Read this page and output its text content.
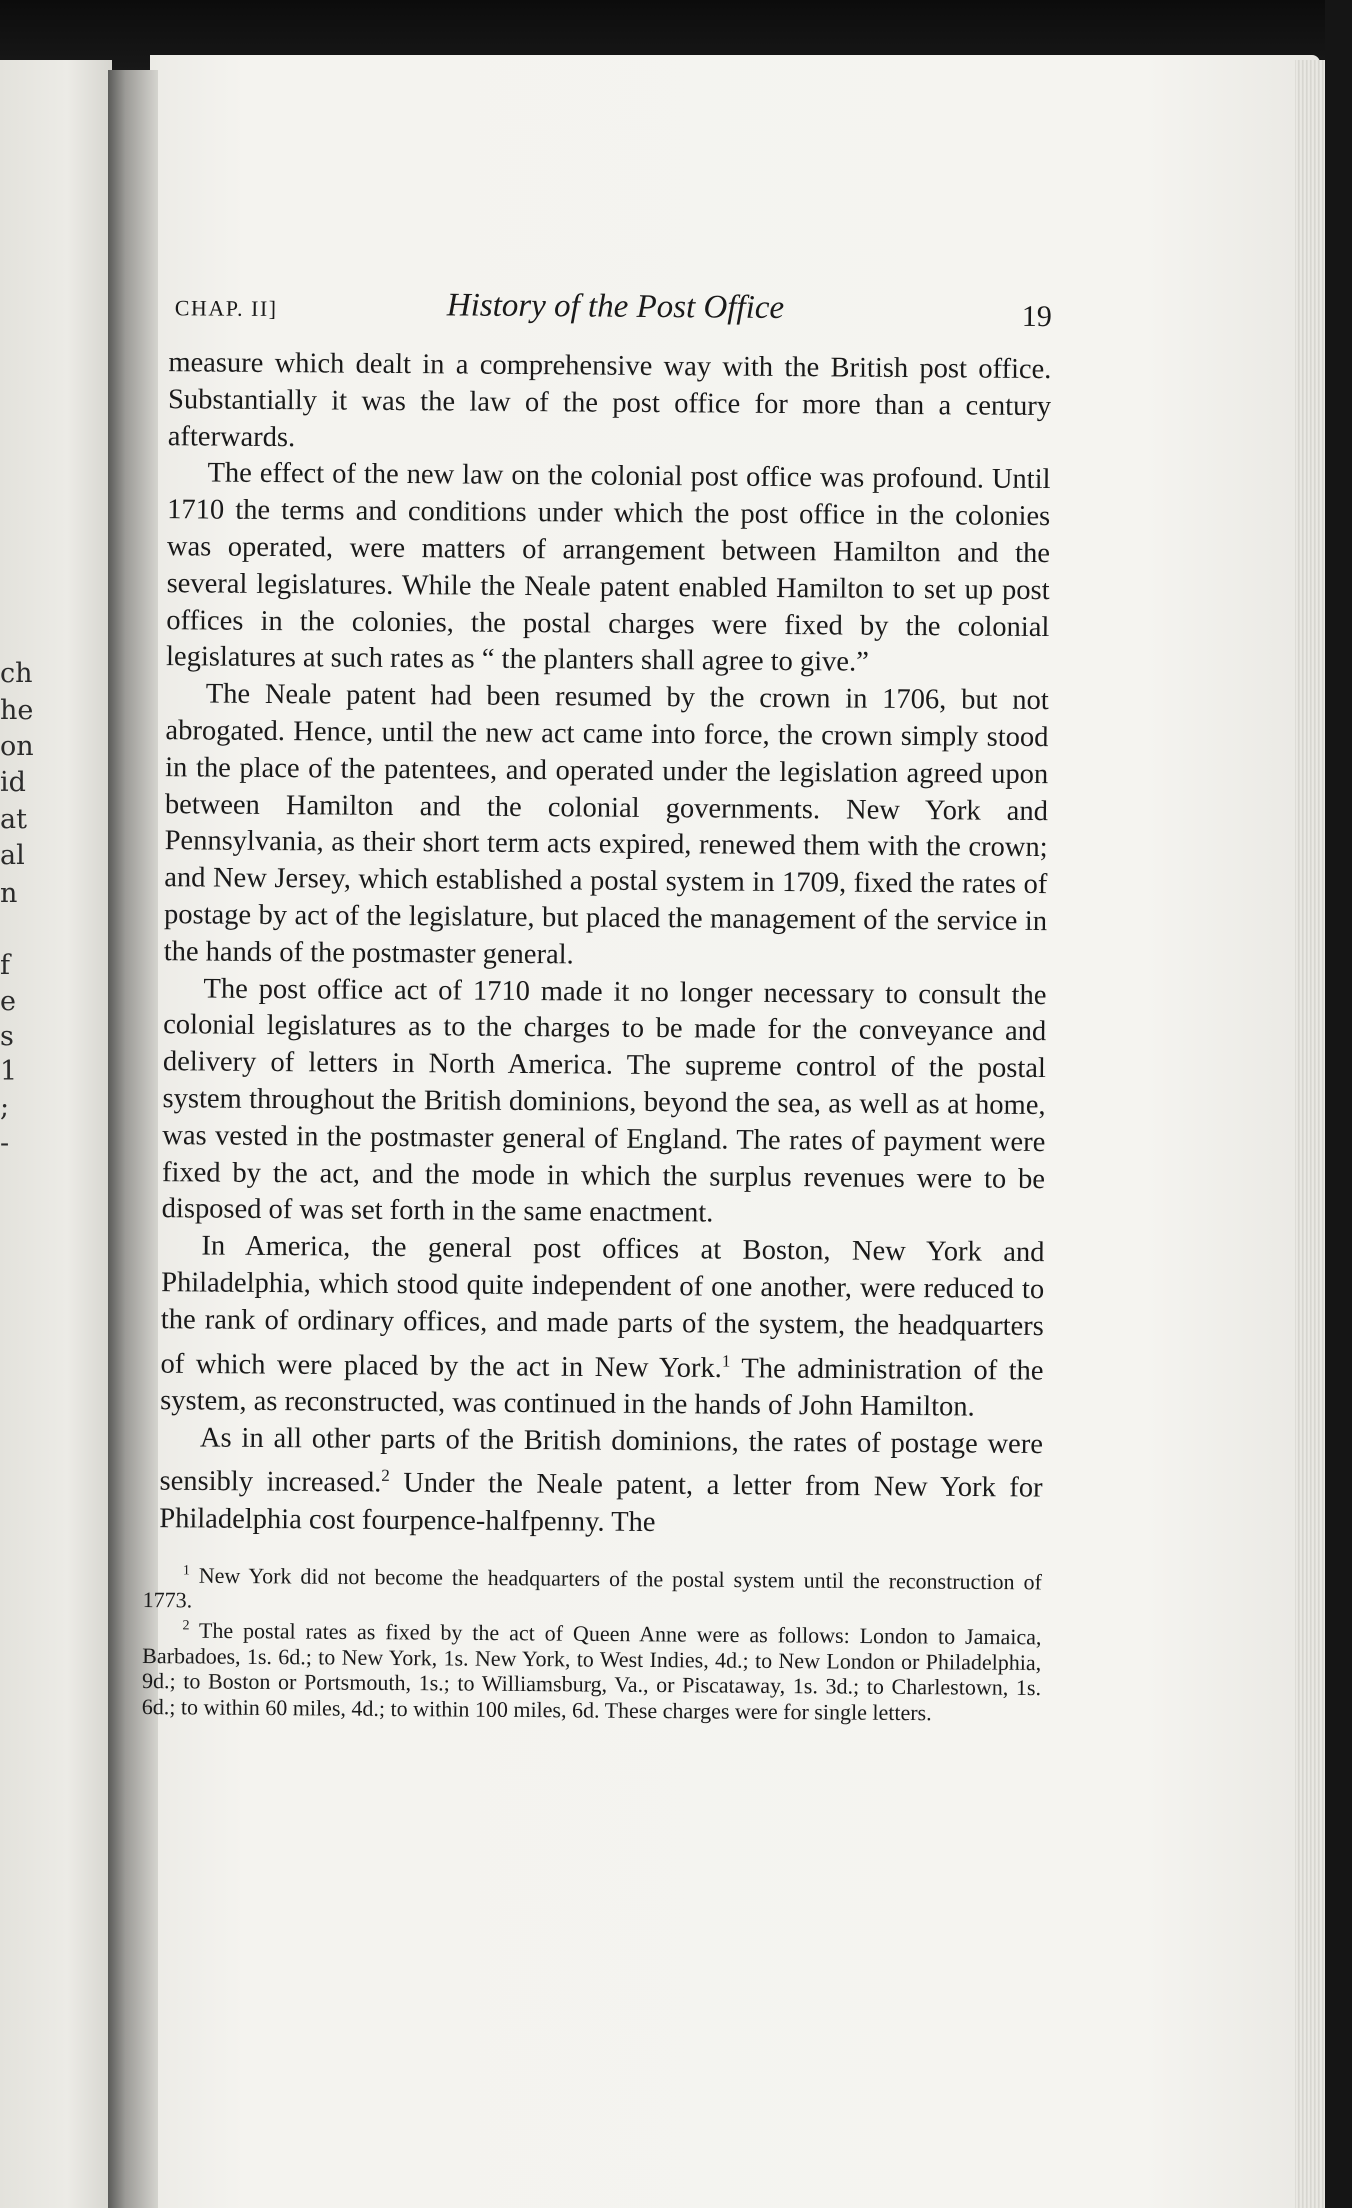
ch
he
on
id
at
al
n
f
e
s
1
;
-
CHAP. II]	History of the Post Office	19

measure which dealt in a comprehensive way with the British post office. Substantially it was the law of the post office for more than a century afterwards.

The effect of the new law on the colonial post office was profound. Until 1710 the terms and conditions under which the post office in the colonies was operated, were matters of arrangement between Hamilton and the several legislatures. While the Neale patent enabled Hamilton to set up post offices in the colonies, the postal charges were fixed by the colonial legislatures at such rates as “ the planters shall agree to give.”

The Neale patent had been resumed by the crown in 1706, but not abrogated. Hence, until the new act came into force, the crown simply stood in the place of the patentees, and operated under the legislation agreed upon between Hamilton and the colonial governments. New York and Pennsylvania, as their short term acts expired, renewed them with the crown; and New Jersey, which established a postal system in 1709, fixed the rates of postage by act of the legislature, but placed the management of the service in the hands of the postmaster general.

The post office act of 1710 made it no longer necessary to consult the colonial legislatures as to the charges to be made for the conveyance and delivery of letters in North America. The supreme control of the postal system throughout the British dominions, beyond the sea, as well as at home, was vested in the postmaster general of England. The rates of payment were fixed by the act, and the mode in which the surplus revenues were to be disposed of was set forth in the same enactment.

In America, the general post offices at Boston, New York and Philadelphia, which stood quite independent of one another, were reduced to the rank of ordinary offices, and made parts of the system, the headquarters of which were placed by the act in New York.$^1$ The administration of the system, as reconstructed, was continued in the hands of John Hamilton.

As in all other parts of the British dominions, the rates of postage were sensibly increased.$^2$ Under the Neale patent, a letter from New York for Philadelphia cost fourpence-halfpenny. The

$^1$ New York did not become the headquarters of the postal system until the reconstruction of 1773.

$^2$ The postal rates as fixed by the act of Queen Anne were as follows: London to Jamaica, Barbadoes, 1s. 6d.; to New York, 1s. New York, to West Indies, 4d.; to New London or Philadelphia, 9d.; to Boston or Portsmouth, 1s.; to Williamsburg, Va., or Piscataway, 1s. 3d.; to Charlestown, 1s. 6d.; to within 60 miles, 4d.; to within 100 miles, 6d. These charges were for single letters.
